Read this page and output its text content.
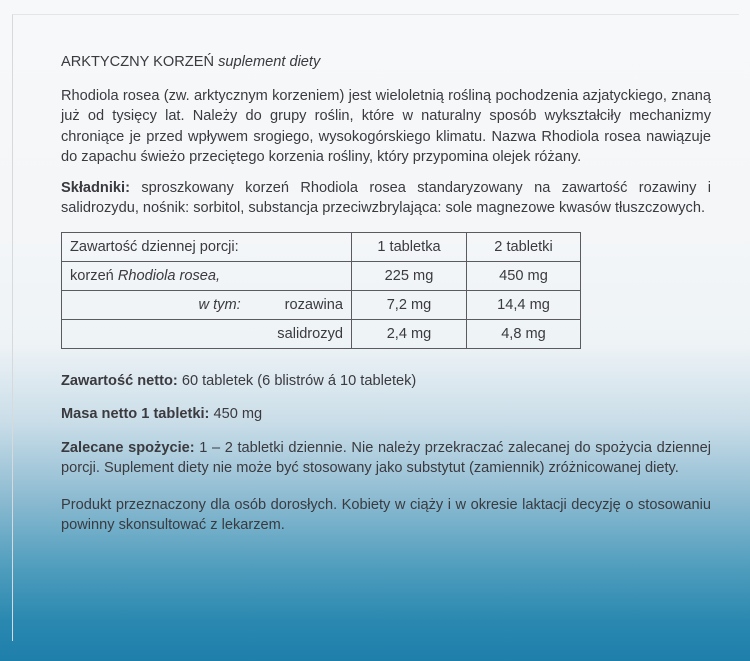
ARKTYCZNY KORZEŃ suplement diety

Rhodiola rosea (zw. arktycznym korzeniem) jest wieloletnią rośliną pochodzenia azjatyckiego, znaną już od tysięcy lat. Należy do grupy roślin, które w naturalny sposób wykształciły mechanizmy chroniące je przed wpływem srogiego, wysokogórskiego klimatu. Nazwa Rhodiola rosea nawiązuje do zapachu świeżo przeciętego korzenia rośliny, który przypomina olejek różany.

Składniki: sproszkowany korzeń Rhodiola rosea standaryzowany na zawartość rozawiny i salidrozydu, nośnik: sorbitol, substancja przeciwzbrylająca: sole magnezowe kwasów tłuszczowych.

Zawartość dziennej porcji:	1 tabletka	2 tabletki
korzeń Rhodiola rosea,	225 mg	450 mg
w tym: rozawina	7,2 mg	14,4 mg
salidrozyd	2,4 mg	4,8 mg

Zawartość netto: 60 tabletek (6 blistrów á 10 tabletek)

Masa netto 1 tabletki: 450 mg

Zalecane spożycie: 1 – 2 tabletki dziennie. Nie należy przekraczać zalecanej do spożycia dziennej porcji. Suplement diety nie może być stosowany jako substytut (zamiennik) zróżnicowanej diety.

Produkt przeznaczony dla osób dorosłych. Kobiety w ciąży i w okresie laktacji decyzję o stosowaniu powinny skonsultować z lekarzem.
